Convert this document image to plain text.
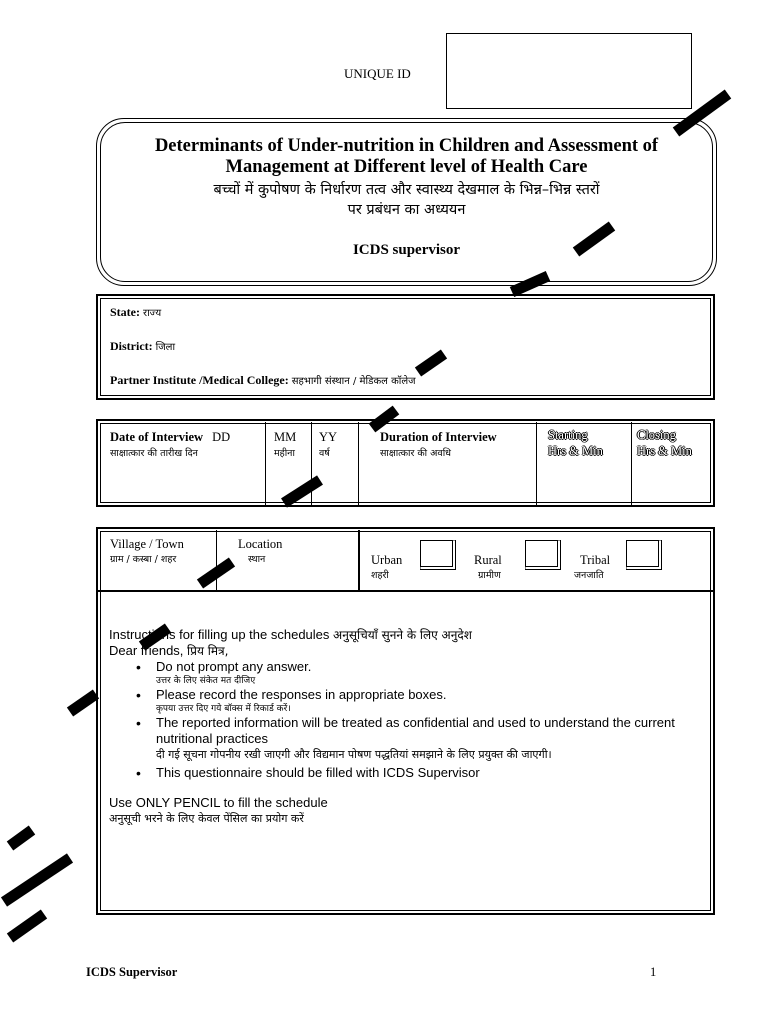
UNIQUE ID
Determinants of Under-nutrition in Children and Assessment of
Management at Different level of Health Care
बच्चों में कुपोषण के निर्धारण तत्व और स्वास्थ्य देखमाल के भिन्न–भिन्न स्तरों
पर प्रबंधन का अध्ययन
ICDS supervisor
State: राज्य
District: जिला
Partner Institute /Medical College: सहभागी संस्थान / मेडिकल कॉलेज
Date of Interview DD
साक्षात्कार की तारीख दिन
MM
महीना
YY
वर्ष
Duration of Interview
साक्षात्कार की अवधि
Starting
Hrs & Min
Closing
Hrs & Min
Village / Town
ग्राम / कस्बा / शहर
Location
स्थान	Urban
शहरी
Rural
ग्रामीण
Tribal
जनजाति
Instructions for filling up the schedules अनुसूचियाँ सुनने के लिए अनुदेश
Dear friends, प्रिय मित्र,
• Do not prompt any answer.
उत्तर के लिए संकेत मत दीजिए
• Please record the responses in appropriate boxes.
कृपया उत्तर दिए गये बॉक्स में रिकार्ड करें।
• The reported information will be treated as confidential and used to understand the current nutritional practices
दी गई सूचना गोपनीय रखी जाएगी और विद्यमान पोषण पद्धतियां समझाने के लिए प्रयुक्त की जाएगी।
• This questionnaire should be filled with ICDS Supervisor
Use ONLY PENCIL to fill the schedule
अनुसूची भरने के लिए केवल पेंसिल का प्रयोग करें
ICDS Supervisor	1
